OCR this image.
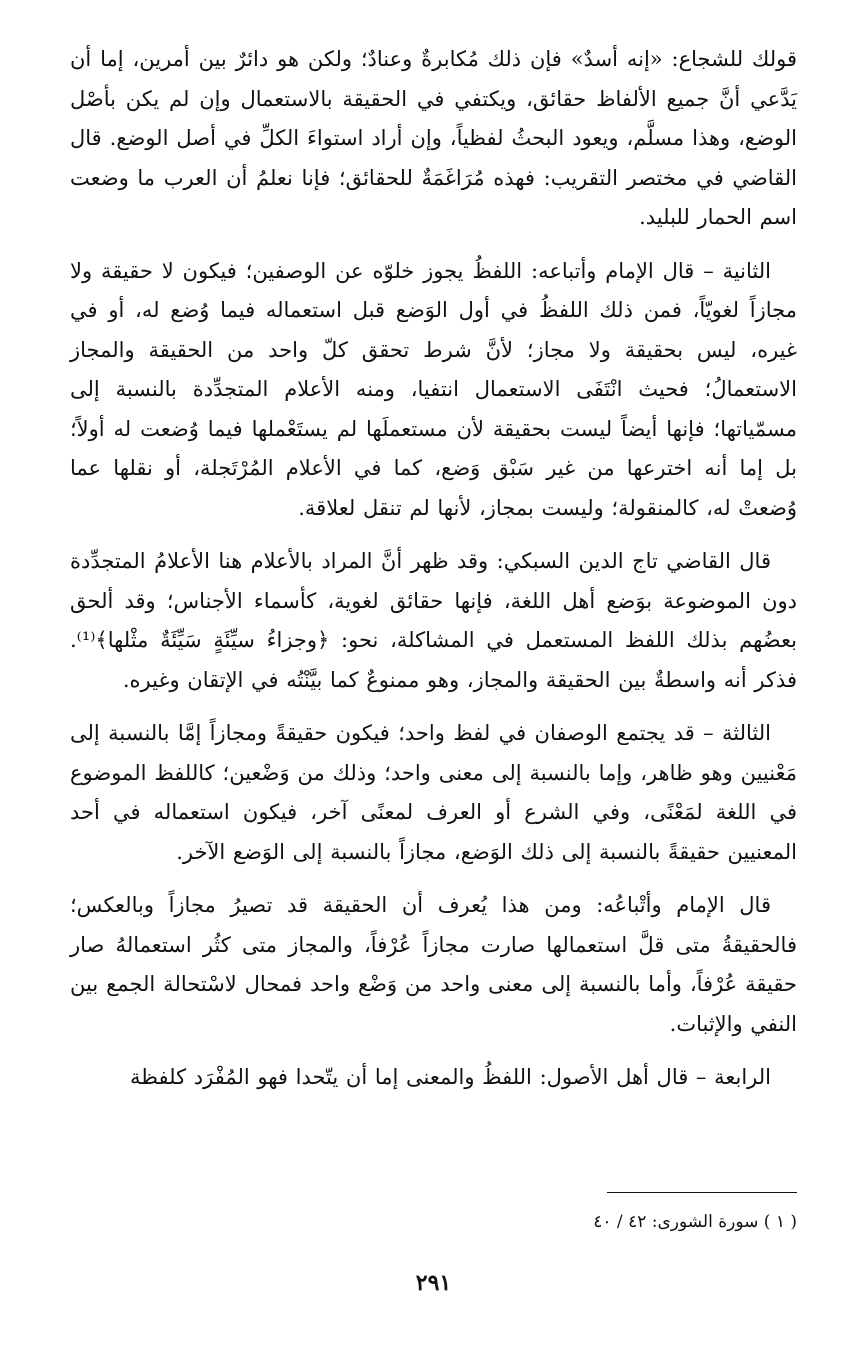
قولك للشجاع: «إنه أسدٌ» فإن ذلك مُكابرةٌ وعنادٌ؛ ولكن هو دائرٌ بين أمرين، إما أن يَدَّعي أنَّ جميع الألفاظ حقائق، ويكتفي في الحقيقة بالاستعمال وإن لم يكن بأصْل الوضع، وهذا مسلَّم، ويعود البحثُ لفظياً، وإن أراد استواءَ الكلِّ في أصل الوضع. قال القاضي في مختصر التقريب: فهذه مُرَاغَمَةٌ للحقائق؛ فإنا نعلمُ أن العرب ما وضعت اسم الحمار للبليد.

الثانية – قال الإمام وأتباعه: اللفظُ يجوز خلوّه عن الوصفين؛ فيكون لا حقيقة ولا مجازاً لغويّاً، فمن ذلك اللفظُ في أول الوَضع قبل استعماله فيما وُضع له، أو في غيره، ليس بحقيقة ولا مجاز؛ لأنَّ شرط تحقق كلّ واحد من الحقيقة والمجاز الاستعمالُ؛ فحيث انْتَفَى الاستعمال انتفيا، ومنه الأعلام المتجدِّدة بالنسبة إلى مسمّياتها؛ فإنها أيضاً ليست بحقيقة لأن مستعملَها لم يستَعْملها فيما وُضعت له أولاً؛ بل إما أنه اخترعها من غير سَبْق وَضع، كما في الأعلام المُرْتَجلة، أو نقلها عما وُضعتْ له، كالمنقولة؛ وليست بمجاز، لأنها لم تنقل لعلاقة.

قال القاضي تاج الدين السبكي: وقد ظهر أنَّ المراد بالأعلام هنا الأعلامُ المتجدِّدة دون الموضوعة بوَضع أهل اللغة، فإنها حقائق لغوية، كأسماء الأجناس؛ وقد ألحق بعضُهم بذلك اللفظ المستعمل في المشاكلة، نحو: ﴿وجزاءُ سيِّئَةٍ سَيِّئَةٌ مثْلها﴾⁽¹⁾. فذكر أنه واسطةٌ بين الحقيقة والمجاز، وهو ممنوعٌ كما بيَّنْتُه في الإتقان وغيره.

الثالثة – قد يجتمع الوصفان في لفظ واحد؛ فيكون حقيقةً ومجازاً إمَّا بالنسبة إلى مَعْنيين وهو ظاهر، وإما بالنسبة إلى معنى واحد؛ وذلك من وَضْعين؛ كاللفظ الموضوع في اللغة لمَعْنًى، وفي الشرع أو العرف لمعنًى آخر، فيكون استعماله في أحد المعنيين حقيقةً بالنسبة إلى ذلك الوَضع، مجازاً بالنسبة إلى الوَضع الآخر.

قال الإمام وأتْباعُه: ومن هذا يُعرف أن الحقيقة قد تصيرُ مجازاً وبالعكس؛ فالحقيقةُ متى قلَّ استعمالها صارت مجازاً عُرْفاً، والمجاز متى كثُر استعمالهُ صار حقيقة عُرْفاً، وأما بالنسبة إلى معنى واحد من وَضْع واحد فمحال لاسْتحالة الجمع بين النفي والإثبات.

الرابعة – قال أهل الأصول: اللفظُ والمعنى إما أن يتّحدا فهو المُفْرَد كلفظة

( ١ ) سورة الشورى: ٤٢ / ٤٠
٢٩١
